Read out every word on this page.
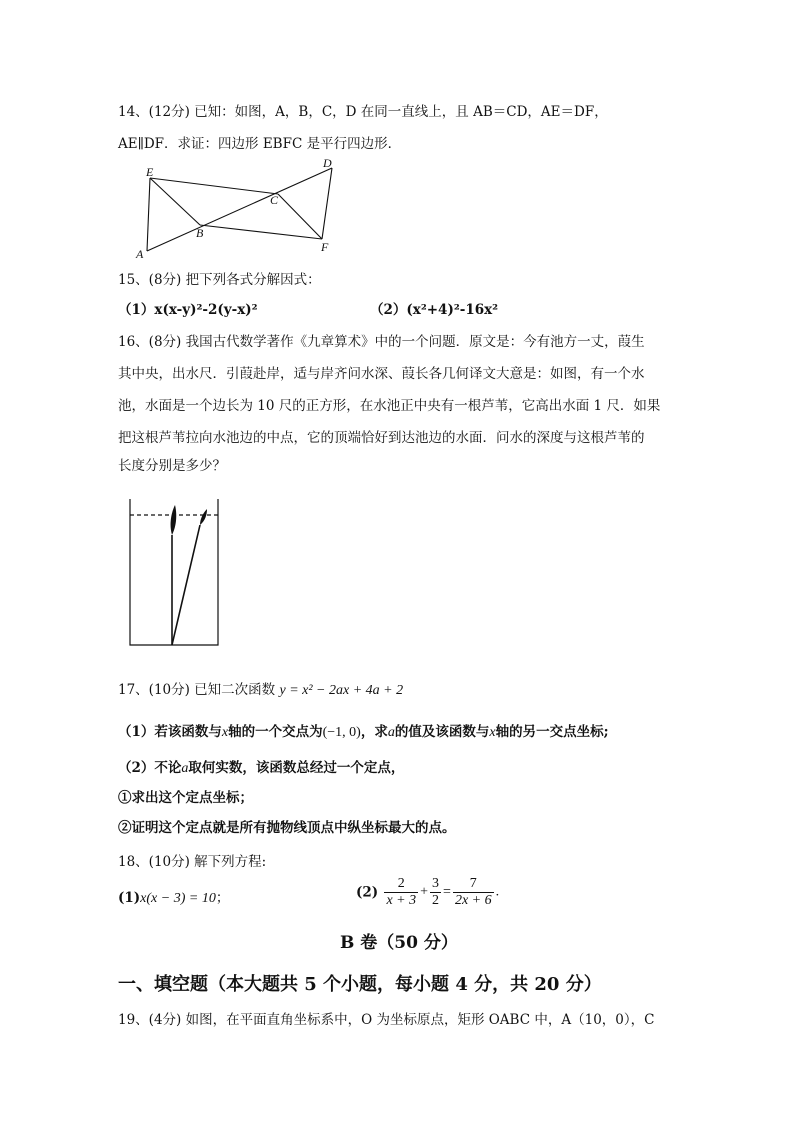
14、(12分) 已知：如图，A，B，C，D 在同一直线上，且 AB＝CD，AE＝DF，
AE∥DF．求证：四边形 EBFC 是平行四边形．
E
D
C
B
F
A
15、(8分) 把下列各式分解因式：
（1）x(x-y)²-2(y-x)²	（2）(x²+4)²-16x²
16、(8分) 我国古代数学著作《九章算术》中的一个问题．原文是：今有池方一丈，葭生
其中央，出水尺．引葭赴岸，适与岸齐问水深、葭长各几何译文大意是：如图，有一个水
池，水面是一个边长为 10 尺的正方形，在水池正中央有一根芦苇，它高出水面 1 尺．如果
把这根芦苇拉向水池边的中点，它的顶端恰好到达池边的水面．问水的深度与这根芦苇的
长度分别是多少？
17、(10分) 已知二次函数 y = x² − 2ax + 4a + 2
（1）若该函数与x轴的一个交点为(−1, 0)，求a的值及该函数与x轴的另一交点坐标;
（2）不论a取何实数，该函数总经过一个定点，
①求出这个定点坐标；
②证明这个定点就是所有抛物线顶点中纵坐标最大的点。
18、(10分) 解下列方程:
(1)x(x − 3) = 10；	$(2) \frac{2}{x + 3} + \frac{3}{2} = \frac{7}{2x + 6}$ .
B 卷（50 分）
一、填空题（本大题共 5 个小题，每小题 4 分，共 20 分）
19、(4分) 如图，在平面直角坐标系中，O 为坐标原点，矩形 OABC 中，A（10，0），C
